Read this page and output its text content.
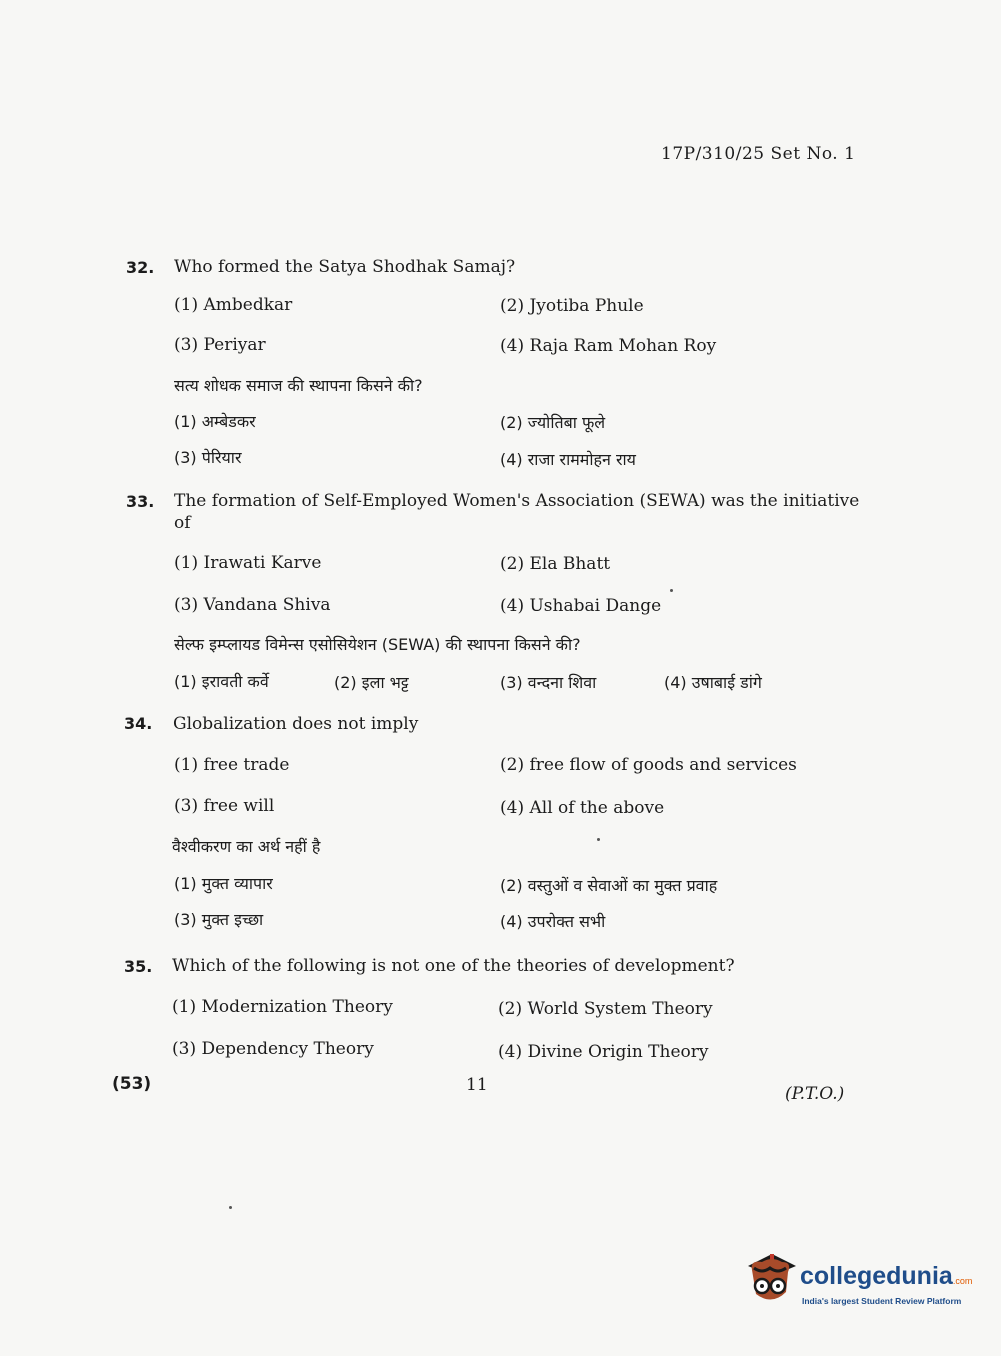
17P/310/25 Set No. 1
32. Who formed the Satya Shodhak Samaj?
(1) Ambedkar	(2) Jyotiba Phule
(3) Periyar	(4) Raja Ram Mohan Roy
सत्य शोधक समाज की स्थापना किसने की?
(1) अम्बेडकर	(2) ज्योतिबा फूले
(3) पेरियार	(4) राजा राममोहन राय
33. The formation of Self-Employed Women's Association (SEWA) was the initiative of
(1) Irawati Karve	(2) Ela Bhatt
(3) Vandana Shiva	(4) Ushabai Dange
सेल्फ इम्प्लायड विमेन्स एसोसियेशन (SEWA) की स्थापना किसने की?
(1) इरावती कर्वे	(2) इला भट्ट	(3) वन्दना शिवा	(4) उषाबाई डांगे
34. Globalization does not imply
(1) free trade	(2) free flow of goods and services
(3) free will	(4) All of the above
वैश्वीकरण का अर्थ नहीं है
(1) मुक्त व्यापार	(2) वस्तुओं व सेवाओं का मुक्त प्रवाह
(3) मुक्त इच्छा	(4) उपरोक्त सभी
35. Which of the following is not one of the theories of development?
(1) Modernization Theory	(2) World System Theory
(3) Dependency Theory	(4) Divine Origin Theory
(53)	11	(P.T.O.)
collegedunia.com
India's largest Student Review Platform
